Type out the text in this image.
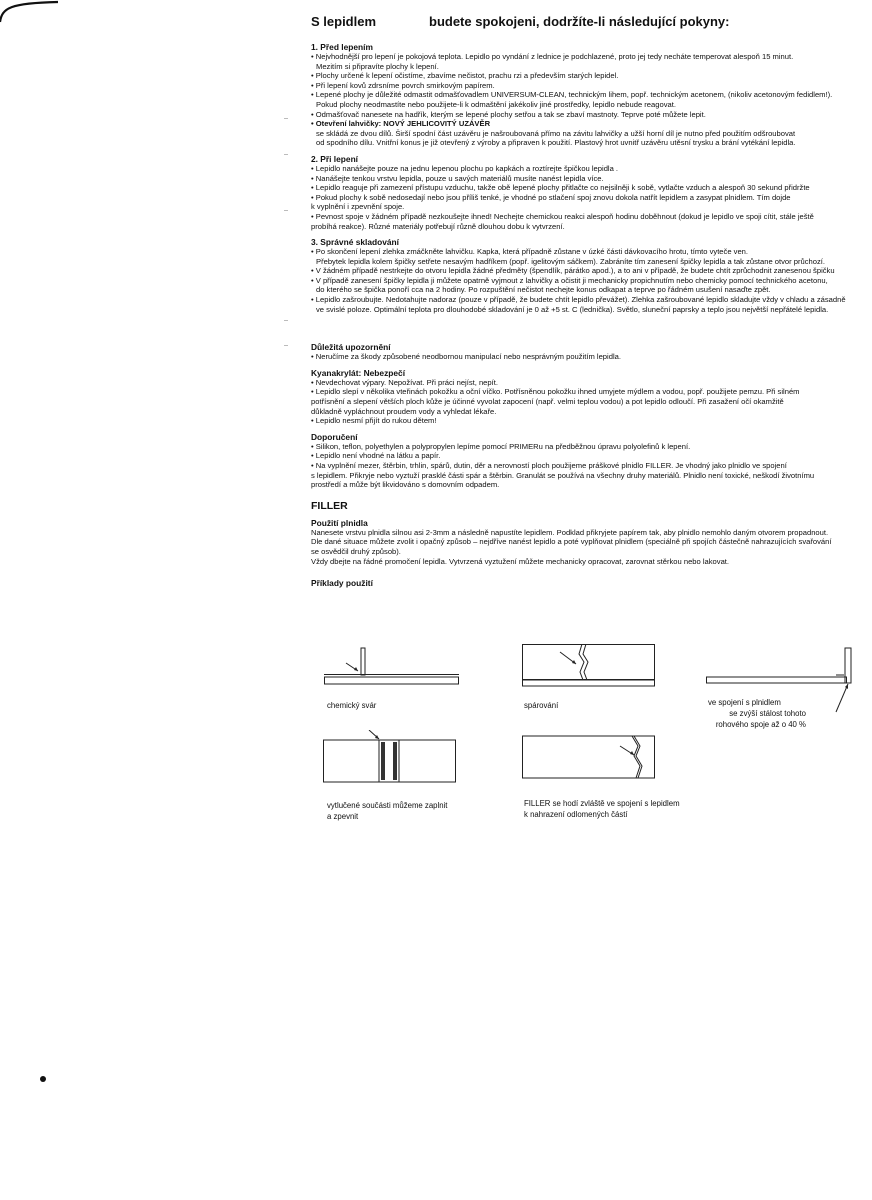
S lepidlem	budete spokojeni, dodržíte-li následující pokyny:
1. Před lepením
• Nejvhodnější pro lepení je pokojová teplota. Lepidlo po vyndání z lednice je podchlazené, proto jej tedy necháte temperovat alespoň 15 minut.
Mezitím si připravíte plochy k lepení.
• Plochy určené k lepení očistíme, zbavíme nečistot, prachu rzi a především starých lepidel.
• Při lepení kovů zdrsníme povrch smirkovým papírem.
• Lepené plochy je důležité odmastit odmašťovadlem UNIVERSUM-CLEAN, technickým lihem, popř. technickým acetonem, (nikoliv acetonovým fedidlem!).
Pokud plochy neodmastíte nebo použijete-li k odmaštění jakékoliv jiné prostředky, lepidlo nebude reagovat.
• Odmašťovač nanesete na hadřík, kterým se lepené plochy setřou a tak se zbaví mastnoty. Teprve poté můžete lepit.
• Otevření lahvičky: NOVÝ JEHLICOVITÝ UZÁVĚR
se skládá ze dvou dílů. Širší spodní část uzávěru je našroubovaná přímo na závitu lahvičky a užší horní díl je nutno před použitím odšroubovat
od spodního dílu. Vnitřní konus je již otevřený z výroby a připraven k použití. Plastový hrot uvnitř uzávěru utěsní trysku a brání vytékání lepidla.
2. Při lepení
• Lepidlo nanášejte pouze na jednu lepenou plochu po kapkách a roztírejte špičkou lepidla .
• Nanášejte tenkou vrstvu lepidla, pouze u savých materiálů musíte nanést lepidla více.
• Lepidlo reaguje při zamezení přístupu vzduchu, takže obě lepené plochy přitlačte co nejsilněji k sobě, vytlačte vzduch a alespoň 30 sekund přidržte
• Pokud plochy k sobě nedosedají nebo jsou příliš tenké, je vhodné po stlačení spoj znovu dokola natřít lepidlem a zasypat plnidlem. Tím dojde
k vyplnění i zpevnění spoje.
• Pevnost spoje v žádném případě nezkoušejte ihned! Nechejte chemickou reakci alespoň hodinu doběhnout (dokud je lepidlo ve spoji cítit, stále ještě
probíhá reakce). Různé materiály potřebují různě dlouhou dobu k vytvrzení.
3. Správné skladování
• Po skončení lepení zlehka zmáčkněte lahvičku. Kapka, která případně zůstane v úzké části dávkovacího hrotu, tímto vyteče ven.
Přebytek lepidla kolem špičky setřete nesavým hadříkem (popř. igelitovým sáčkem). Zabráníte tím zanesení špičky lepidla a tak zůstane otvor průchozí.
• V žádném případě nestrkejte do otvoru lepidla žádné předměty (špendlík, párátko apod.), a to ani v případě, že budete chtít zprůchodnit zanesenou špičku
• V případě zanesení špičky lepidla ji můžete opatrně vyjmout z lahvičky a očistit ji mechanicky propichnutím nebo chemicky pomocí technického acetonu,
do kterého se špička ponoří cca na 2 hodiny. Po rozpuštění nečistot nechejte konus odkapat a teprve po řádném usušení nasaďte zpět.
• Lepidlo zašroubujte. Nedotahujte nadoraz (pouze v případě, že budete chtít lepidlo převážet). Zlehka zašroubované lepidlo skladujte vždy v chladu a zásadně
ve svislé poloze. Optimální teplota pro dlouhodobé skladování je 0 až +5 st. C (lednička). Světlo, sluneční paprsky a teplo jsou největší nepřátelé lepidla.
Důležitá upozornění
• Neručíme za škody způsobené neodbornou manipulací nebo nesprávným použitím lepidla.
Kyanakrylát: Nebezpečí
• Nevdechovat výpary. Nepožívat. Při práci nejíst, nepít.
• Lepidlo slepí v několika vteřinách pokožku a oční víčko. Potřísněnou pokožku ihned umyjete mýdlem a vodou, popř. použijete pemzu. Při silném
potřísnění a slepení větších ploch kůže je účinné vyvolat zapocení (např. velmi teplou vodou) a pot lepidlo odloučí. Při zasažení očí okamžitě
důkladně vypláchnout proudem vody a vyhledat lékaře.
• Lepidlo nesmí přijít do rukou dětem!
Doporučení
• Silikon, teflon, polyethylen a polypropylen lepíme pomocí PRIMERu na předběžnou úpravu polyolefinů k lepení.
• Lepidlo není vhodné na látku a papír.
• Na vyplnění mezer, štěrbin, trhlin, spárů, dutin, děr a nerovností ploch použijeme práškové plnidlo FILLER. Je vhodný jako plnidlo ve spojení
s lepidlem. Přikryje nebo vyztuží prasklé části spár a štěrbin. Granulát se používá na všechny druhy materiálů. Plnidlo není toxické, neškodí životnímu
prostředí a může být likvidováno s domovním odpadem.
FILLER
Použití plnidla
Nanesete vrstvu plnidla silnou asi 2-3mm a následně napustíte lepidlem. Podklad přikryjete papírem tak, aby plnidlo nemohlo daným otvorem propadnout.
Dle dané situace můžete zvolit i opačný způsob – nejdříve nanést lepidlo a poté vyplňovat plnidlem (speciálně při spojích částečně nahrazujících svařování
se osvědčil druhý způsob).
Vždy dbejte na řádné promočení lepidla. Vytvrzená vyztužení můžete mechanicky opracovat, zarovnat stěrkou nebo lakovat.
Příklady použití
chemický svár	spárování	ve spojení s plnidlem
se zvýší stálost tohoto
rohového spoje až o 40 %
vytlučené součásti můžeme zaplnit
a zpevnit
FILLER se hodí zvláště ve spojení s lepidlem
k nahrazení odlomených částí
